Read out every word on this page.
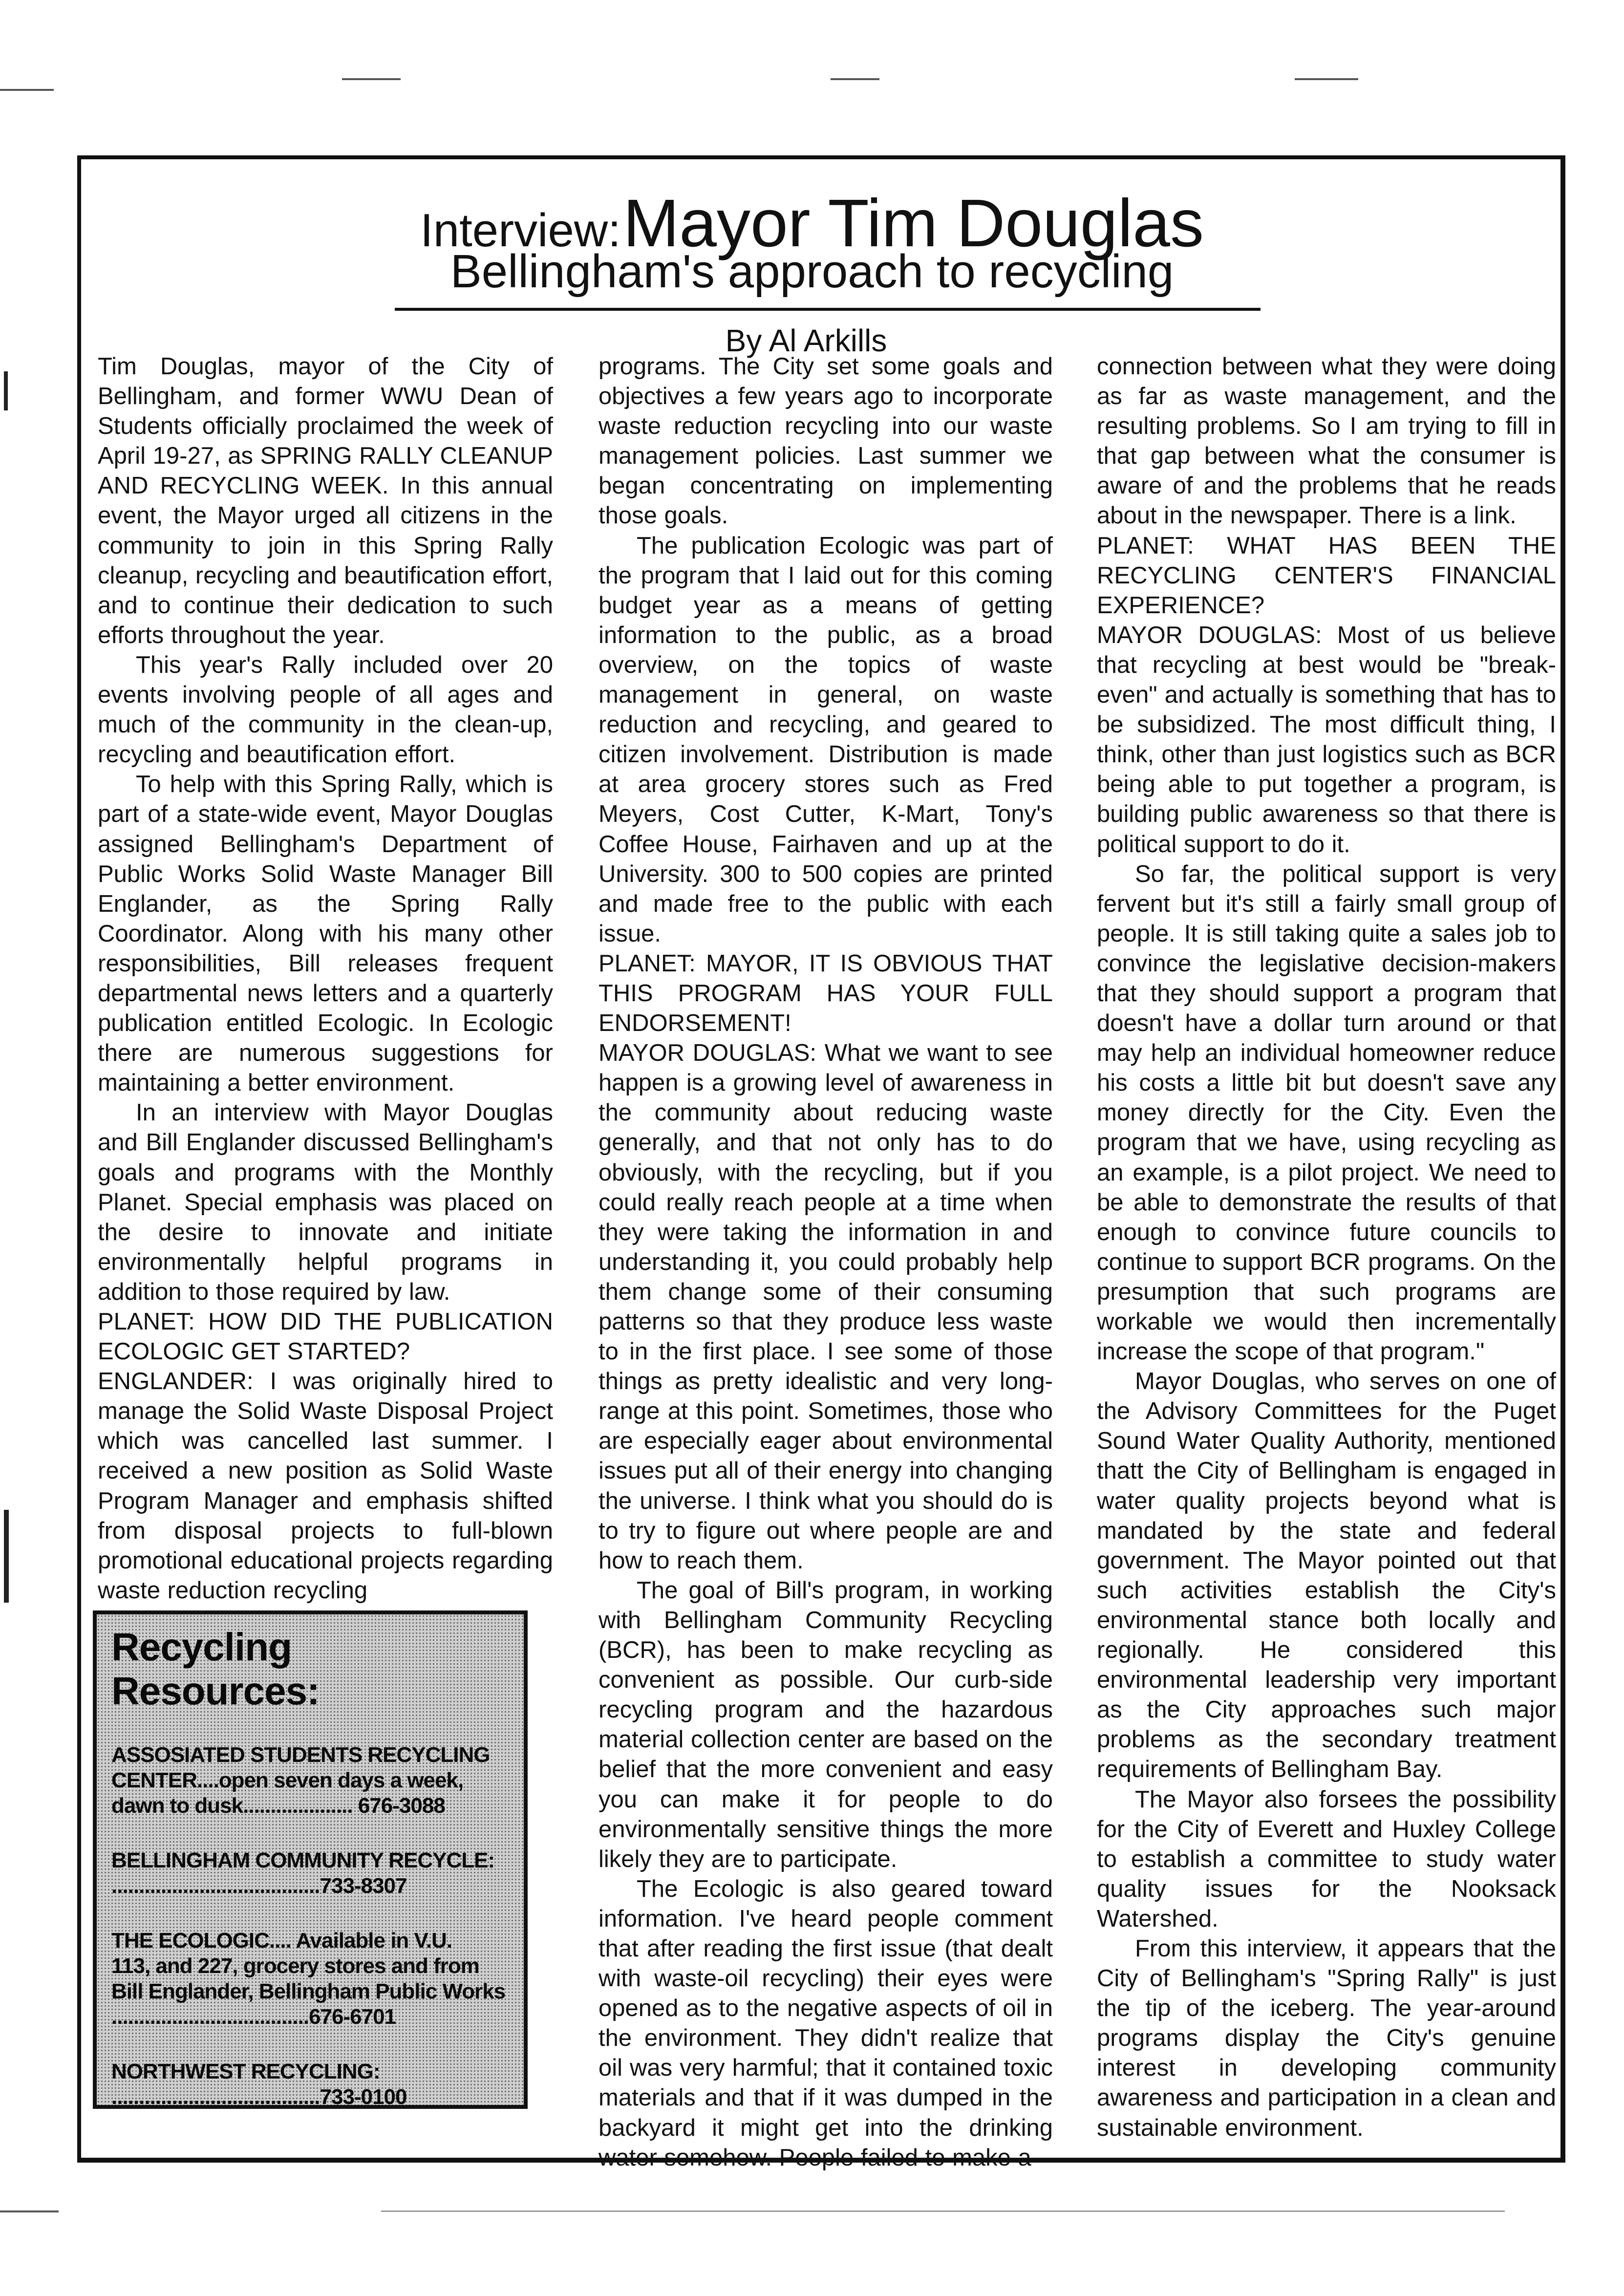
Interview: Mayor Tim Douglas
Bellingham's approach to recycling
By Al Arkills

Tim Douglas, mayor of the City of Bellingham, and former WWU Dean of Students officially proclaimed the week of April 19-27, as SPRING RALLY CLEANUP AND RECYCLING WEEK. In this annual event, the Mayor urged all citizens in the community to join in this Spring Rally cleanup, recycling and beautification effort, and to continue their dedication to such efforts throughout the year.

This year's Rally included over 20 events involving people of all ages and much of the community in the clean-up, recycling and beautification effort.

To help with this Spring Rally, which is part of a state-wide event, Mayor Douglas assigned Bellingham's Department of Public Works Solid Waste Manager Bill Englander, as the Spring Rally Coordinator. Along with his many other responsibilities, Bill releases frequent departmental news letters and a quarterly publication entitled Ecologic. In Ecologic there are numerous suggestions for maintaining a better environment.

In an interview with Mayor Douglas and Bill Englander discussed Bellingham's goals and programs with the Monthly Planet. Special emphasis was placed on the desire to innovate and initiate environmentally helpful programs in addition to those required by law.

PLANET: HOW DID THE PUBLICATION ECOLOGIC GET STARTED?

ENGLANDER: I was originally hired to manage the Solid Waste Disposal Project which was cancelled last summer. I received a new position as Solid Waste Program Manager and emphasis shifted from disposal projects to full-blown promotional educational projects regarding waste reduction recycling

Recycling Resources:
ASSOSIATED STUDENTS RECYCLING
CENTER....open seven days a week,
dawn to dusk.................... 676-3088
BELLINGHAM COMMUNITY RECYCLE:
......................................733-8307
THE ECOLOGIC.... Available in V.U.
113, and 227, grocery stores and from
Bill Englander, Bellingham Public Works
....................................676-6701
NORTHWEST RECYCLING:
......................................733-0100

programs. The City set some goals and objectives a few years ago to incorporate waste reduction recycling into our waste management policies. Last summer we began concentrating on implementing those goals.

The publication Ecologic was part of the program that I laid out for this coming budget year as a means of getting information to the public, as a broad overview, on the topics of waste management in general, on waste reduction and recycling, and geared to citizen involvement. Distribution is made at area grocery stores such as Fred Meyers, Cost Cutter, K-Mart, Tony's Coffee House, Fairhaven and up at the University. 300 to 500 copies are printed and made free to the public with each issue.

PLANET: MAYOR, IT IS OBVIOUS THAT THIS PROGRAM HAS YOUR FULL ENDORSEMENT!

MAYOR DOUGLAS: What we want to see happen is a growing level of awareness in the community about reducing waste generally, and that not only has to do obviously, with the recycling, but if you could really reach people at a time when they were taking the information in and understanding it, you could probably help them change some of their consuming patterns so that they produce less waste to in the first place. I see some of those things as pretty idealistic and very long-range at this point. Sometimes, those who are especially eager about environmental issues put all of their energy into changing the universe. I think what you should do is to try to figure out where people are and how to reach them.

The goal of Bill's program, in working with Bellingham Community Recycling (BCR), has been to make recycling as convenient as possible. Our curb-side recycling program and the hazardous material collection center are based on the belief that the more convenient and easy you can make it for people to do environmentally sensitive things the more likely they are to participate.

The Ecologic is also geared toward information. I've heard people comment that after reading the first issue (that dealt with waste-oil recycling) their eyes were opened as to the negative aspects of oil in the environment. They didn't realize that oil was very harmful; that it contained toxic materials and that if it was dumped in the backyard it might get into the drinking water somehow. People failed to make a

connection between what they were doing as far as waste management, and the resulting problems. So I am trying to fill in that gap between what the consumer is aware of and the problems that he reads about in the newspaper. There is a link.

PLANET: WHAT HAS BEEN THE RECYCLING CENTER'S FINANCIAL EXPERIENCE?

MAYOR DOUGLAS: Most of us believe that recycling at best would be "break-even" and actually is something that has to be subsidized. The most difficult thing, I think, other than just logistics such as BCR being able to put together a program, is building public awareness so that there is political support to do it.

So far, the political support is very fervent but it's still a fairly small group of people. It is still taking quite a sales job to convince the legislative decision-makers that they should support a program that doesn't have a dollar turn around or that may help an individual homeowner reduce his costs a little bit but doesn't save any money directly for the City. Even the program that we have, using recycling as an example, is a pilot project. We need to be able to demonstrate the results of that enough to convince future councils to continue to support BCR programs. On the presumption that such programs are workable we would then incrementally increase the scope of that program."

Mayor Douglas, who serves on one of the Advisory Committees for the Puget Sound Water Quality Authority, mentioned thatt the City of Bellingham is engaged in water quality projects beyond what is mandated by the state and federal government. The Mayor pointed out that such activities establish the City's environmental stance both locally and regionally. He considered this environmental leadership very important as the City approaches such major problems as the secondary treatment requirements of Bellingham Bay.

The Mayor also forsees the possibility for the City of Everett and Huxley College to establish a committee to study water quality issues for the Nooksack Watershed.

From this interview, it appears that the City of Bellingham's "Spring Rally" is just the tip of the iceberg. The year-around programs display the City's genuine interest in developing community awareness and participation in a clean and sustainable environment.
